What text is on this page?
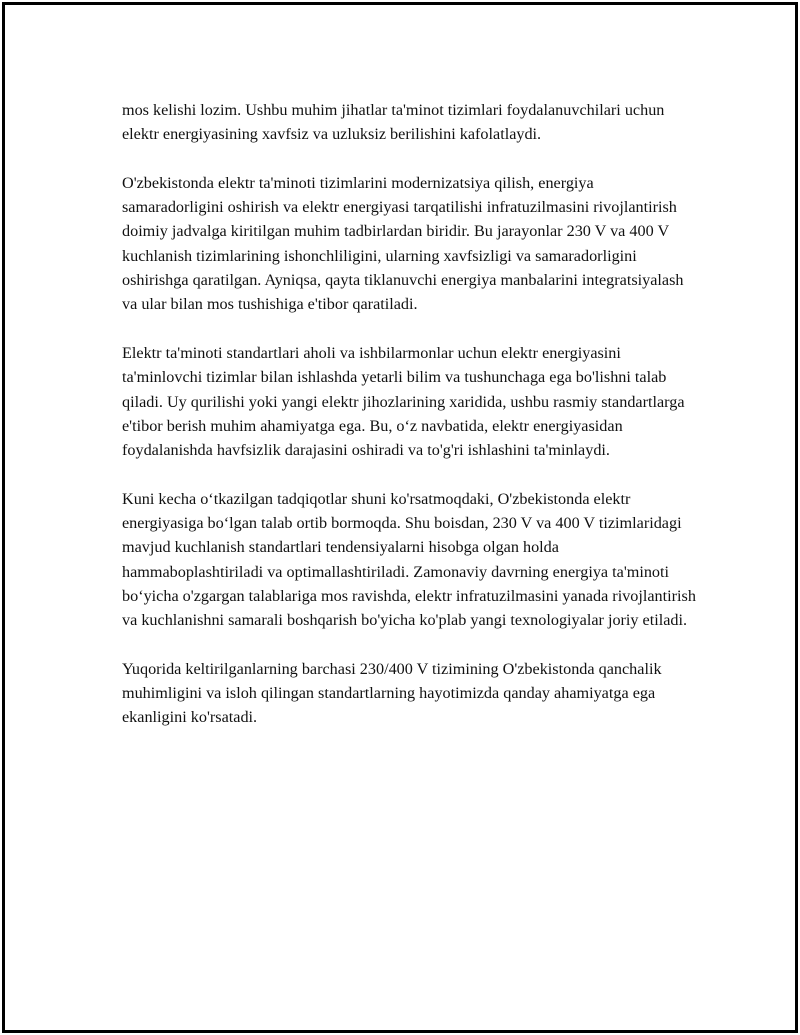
mos kelishi lozim. Ushbu muhim jihatlar ta'minot tizimlari foydalanuvchilari uchun elektr energiyasining xavfsiz va uzluksiz berilishini kafolatlaydi.

O'zbekistonda elektr ta'minoti tizimlarini modernizatsiya qilish, energiya samaradorligini oshirish va elektr energiyasi tarqatilishi infratuzilmasini rivojlantirish doimiy jadvalga kiritilgan muhim tadbirlardan biridir. Bu jarayonlar 230 V va 400 V kuchlanish tizimlarining ishonchliligini, ularning xavfsizligi va samaradorligini oshirishga qaratilgan. Ayniqsa, qayta tiklanuvchi energiya manbalarini integratsiyalash va ular bilan mos tushishiga e'tibor qaratiladi.

Elektr ta'minoti standartlari aholi va ishbilarmonlar uchun elektr energiyasini ta'minlovchi tizimlar bilan ishlashda yetarli bilim va tushunchaga ega bo'lishni talab qiladi. Uy qurilishi yoki yangi elektr jihozlarining xaridida, ushbu rasmiy standartlarga e'tibor berish muhim ahamiyatga ega. Bu, o‘z navbatida, elektr energiyasidan foydalanishda havfsizlik darajasini oshiradi va to'g'ri ishlashini ta'minlaydi.

Kuni kecha o‘tkazilgan tadqiqotlar shuni ko'rsatmoqdaki, O'zbekistonda elektr energiyasiga bo‘lgan talab ortib bormoqda. Shu boisdan, 230 V va 400 V tizimlaridagi mavjud kuchlanish standartlari tendensiyalarni hisobga olgan holda hammaboplashtiriladi va optimallashtiriladi. Zamonaviy davrning energiya ta'minoti bo‘yicha o'zgargan talablariga mos ravishda, elektr infratuzilmasini yanada rivojlantirish va kuchlanishni samarali boshqarish bo'yicha ko'plab yangi texnologiyalar joriy etiladi.

Yuqorida keltirilganlarning barchasi 230/400 V tizimining O'zbekistonda qanchalik muhimligini va isloh qilingan standartlarning hayotimizda qanday ahamiyatga ega ekanligini ko'rsatadi.
